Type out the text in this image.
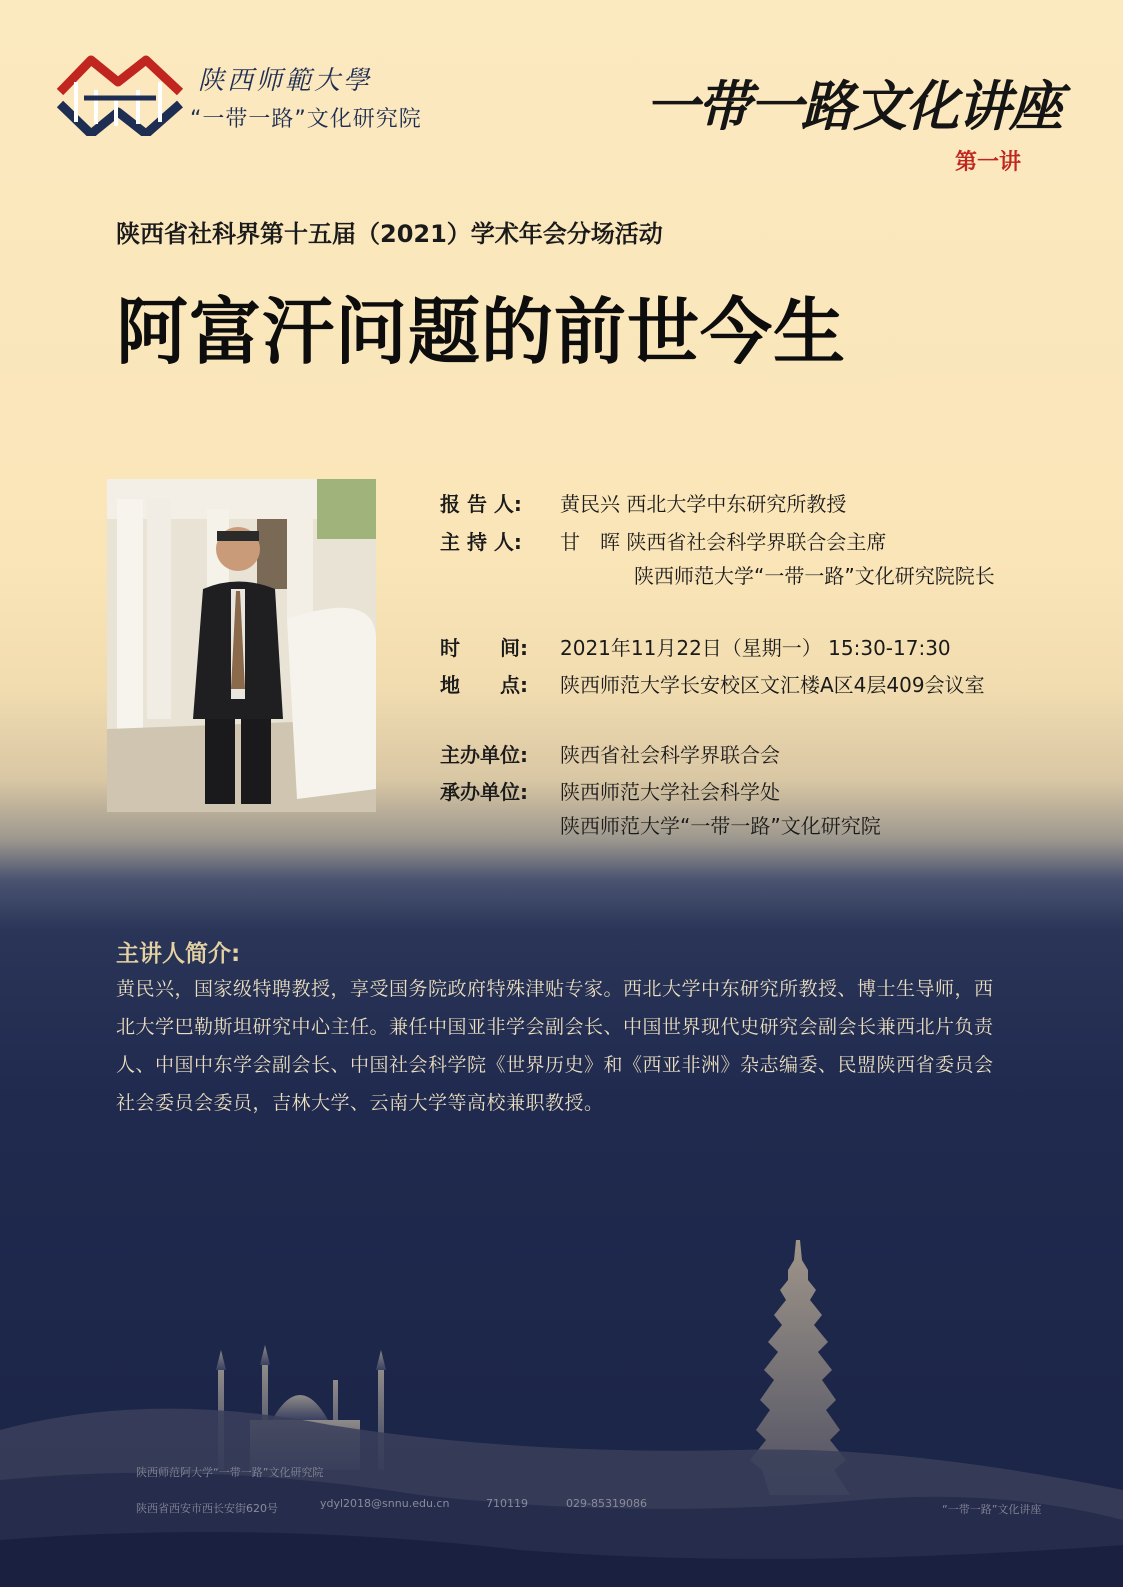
陕西师範大學
“一带一路”文化研究院	一带一路文化讲座
第一讲
陕西省社科界第十五届（2021）学术年会分场活动
阿富汗问题的前世今生
报 告 人: 黄民兴 西北大学中东研究所教授
主 持 人: 甘　晖 陕西省社会科学界联合会主席
陕西师范大学“一带一路”文化研究院院长
时　　间: 2021年11月22日（星期一） 15:30-17:30
地　　点: 陕西师范大学长安校区文汇楼A区4层409会议室
主办单位: 陕西省社会科学界联合会
承办单位: 陕西师范大学社会科学处
陕西师范大学“一带一路”文化研究院
主讲人简介:
黄民兴，国家级特聘教授，享受国务院政府特殊津贴专家。西北大学中东研究所教授、博士生导师，西北大学巴勒斯坦研究中心主任。兼任中国亚非学会副会长、中国世界现代史研究会副会长兼西北片负责人、中国中东学会副会长、中国社会科学院《世界历史》和《西亚非洲》杂志编委、民盟陕西省委员会社会委员会委员，吉林大学、云南大学等高校兼职教授。
陕西师范阿大学“一带一路”文化研究院
陕西省西安市西长安街620号	ydyl2018@snnu.edu.cn	710119	029-85319086	“一带一路”文化讲座
